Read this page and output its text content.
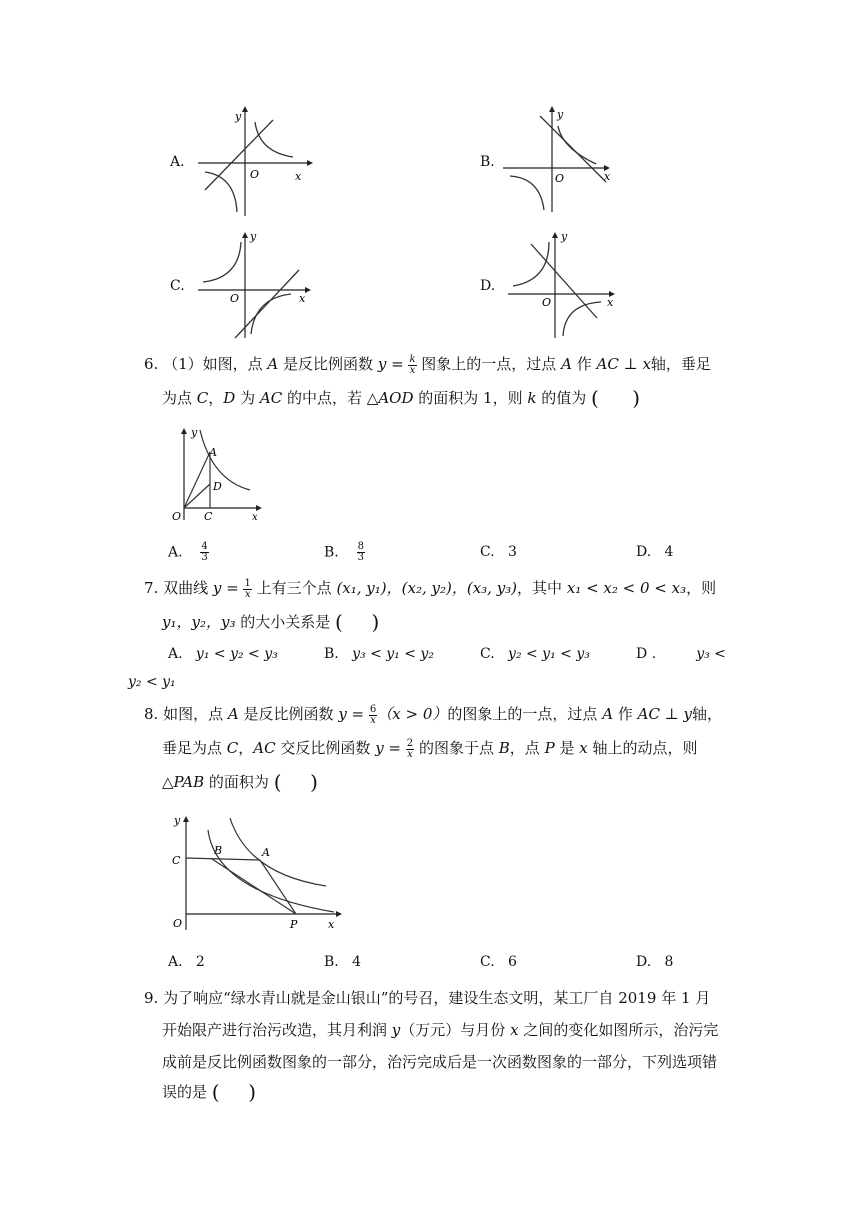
A.
y
x
O
B.
y
x
O
C.
y
x
O
D.
y
x
O
6. （1）如图，点 A 是反比例函数 $y = \frac{k}{x}$ 图象上的一点，过点 A 作 AC ⊥ x轴，垂足
为点 C，D 为 AC 的中点，若 △AOD 的面积为 1，则 k 的值为 ( )
y
x
O
A
C
D
A. $\frac{4}{3}$	B. $\frac{8}{3}$	C. 3	D. 4
7. 双曲线 $y = \frac{1}{x}$ 上有三个点 (x₁, y₁)，(x₂, y₂)，(x₃, y₃)，其中 x₁ < x₂ < 0 < x₃，则
y₁，y₂，y₃ 的大小关系是 ( )
A. y₁ < y₂ < y₃	B. y₃ < y₁ < y₂	C. y₂ < y₁ < y₃	D .	y₃ <
y₂ < y₁
8. 如图，点 A 是反比例函数 $y = \frac{6}{x} (x > 0)$的图象上的一点，过点 A 作 AC ⊥ y轴，
垂足为点 C，AC 交反比例函数 $y = \frac{2}{x}$ 的图象于点 B，点 P 是 x 轴上的动点，则
△PAB 的面积为 ( )
y
x
O
C
B	A
P
A. 2	B. 4	C. 6	D. 8
9. 为了响应“绿水青山就是金山银山”的号召，建设生态文明，某工厂自 2019 年 1 月
开始限产进行治污改造，其月利润 y（万元）与月份 x 之间的变化如图所示，治污完
成前是反比例函数图象的一部分，治污完成后是一次函数图象的一部分，下列选项错
误的是 ( )
